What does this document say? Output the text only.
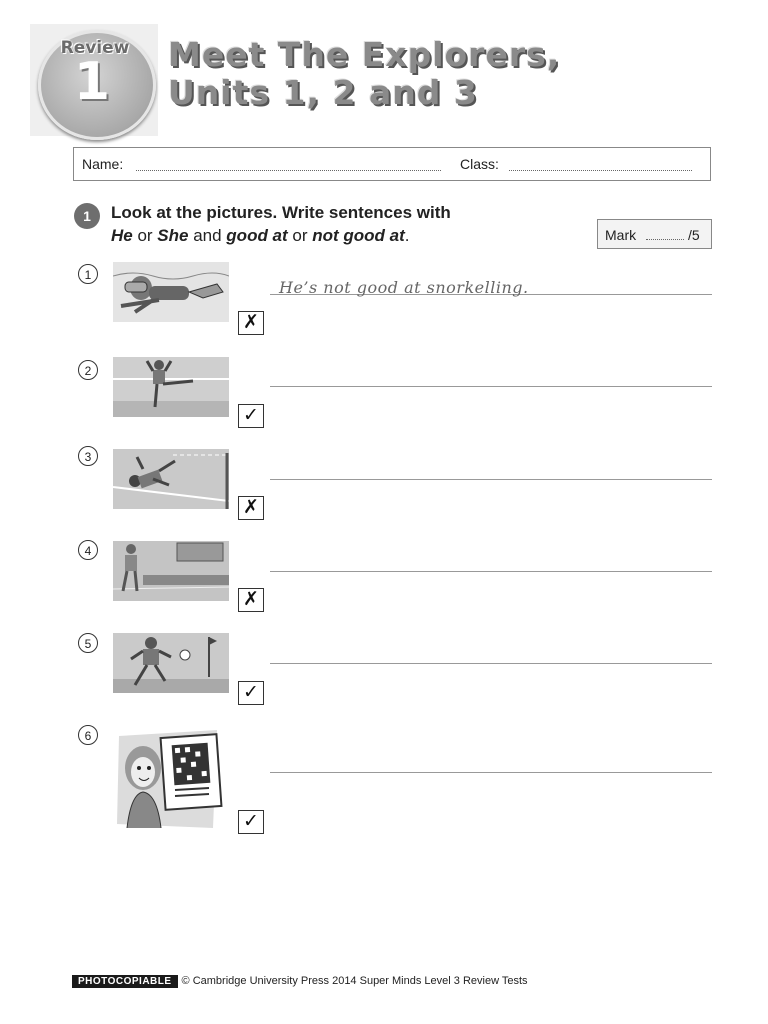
Review
1	Meet The Explorers,
Units 1, 2 and 3
Name:	Class:
1	Look at the pictures. Write sentences with
He or She and good at or not good at.	Mark	/5
1
✗
He’s not good at snorkelling.
2
✓
3
✗
4
✗
5
✓
6
✓
PHOTOCOPIABLE © Cambridge University Press 2014 Super Minds Level 3 Review Tests
